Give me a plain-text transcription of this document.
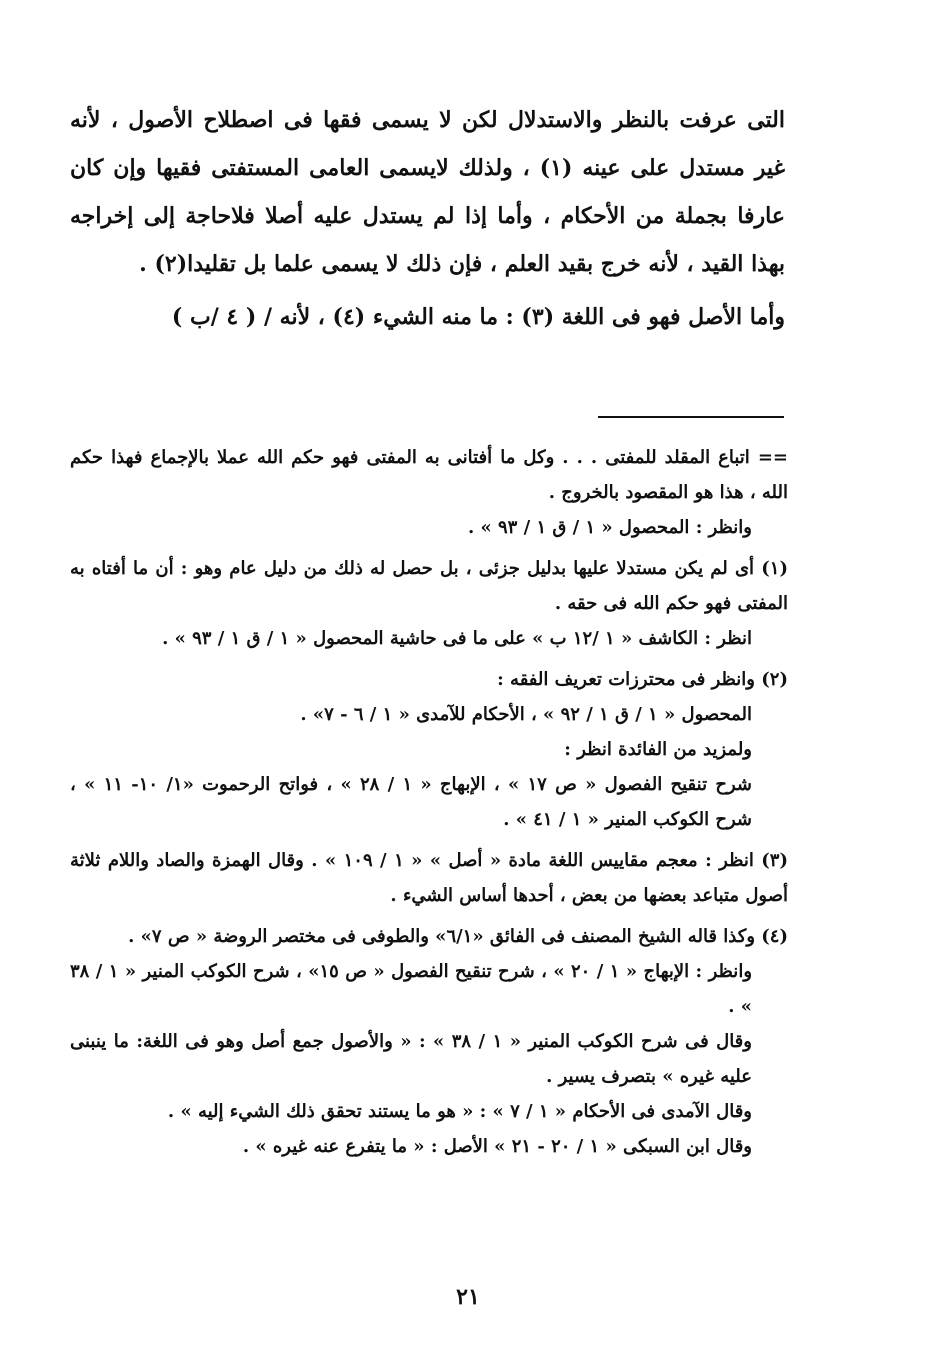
التى عرفت بالنظر والاستدلال لكن لا يسمى فقها فى اصطلاح الأصول ، لأنه غير مستدل على عينه (١) ، ولذلك لايسمى العامى المستفتى فقيها وإن كان عارفا بجملة من الأحكام ، وأما إذا لم يستدل عليه أصلا فلاحاجة إلى إخراجه بهذا القيد ، لأنه خرج بقيد العلم ، فإن ذلك لا يسمى علما بل تقليدا(٢) .

وأما الأصل فهو فى اللغة (٣) : ما منه الشيء (٤) ، لأنه / ( ٤ /ب )

== اتباع المقلد للمفتى . . . وكل ما أفتانى به المفتى فهو حكم الله عملا بالإجماع فهذا حكم الله ، هذا هو المقصود بالخروج .
وانظر : المحصول « ١ / ق ١ / ٩٣ » .
(١) أى لم يكن مستدلا عليها بدليل جزئى ، بل حصل له ذلك من دليل عام وهو : أن ما أفتاه به المفتى فهو حكم الله فى حقه .
انظر : الكاشف « ١ /١٢ ب » على ما فى حاشية المحصول « ١ / ق ١ / ٩٣ » .
(٢) وانظر فى محترزات تعريف الفقه :
المحصول « ١ / ق ١ / ٩٢ » ، الأحكام للآمدى « ١ / ٦ - ٧» .
ولمزيد من الفائدة انظر :
شرح تنقيح الفصول « ص ١٧ » ، الإبهاج « ١ / ٢٨ » ، فواتح الرحموت «١/ ١٠- ١١ » ، شرح الكوكب المنير « ١ / ٤١ » .
(٣) انظر : معجم مقاييس اللغة مادة « أصل » « ١ / ١٠٩ » . وقال الهمزة والصاد واللام ثلاثة أصول متباعد بعضها من بعض ، أحدها أساس الشيء .
(٤) وكذا قاله الشيخ المصنف فى الفائق «٦/١» والطوفى فى مختصر الروضة « ص ٧» .
وانظر : الإبهاج « ١ / ٢٠ » ، شرح تنقيح الفصول « ص ١٥» ، شرح الكوكب المنير « ١ / ٣٨ » .
وقال فى شرح الكوكب المنير « ١ / ٣٨ » : « والأصول جمع أصل وهو فى اللغة: ما ينبنى عليه غيره » بتصرف يسير .
وقال الآمدى فى الأحكام « ١ / ٧ » : « هو ما يستند تحقق ذلك الشيء إليه » .
وقال ابن السبكى « ١ / ٢٠ - ٢١ » الأصل : « ما يتفرع عنه غيره » .
٢١
